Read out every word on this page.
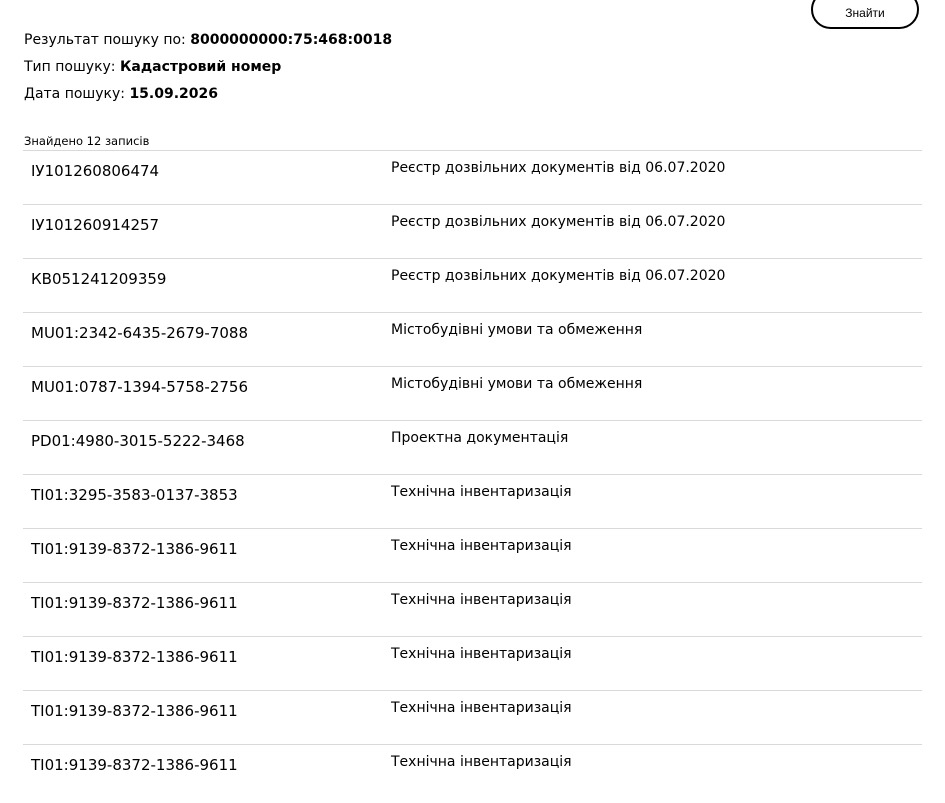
Знайти
Результат пошуку по: 8000000000:75:468:0018
Тип пошуку: Кадастровий номер
Дата пошуку: 15.09.2026
Знайдено 12 записів
ІУ101260806474	Реєстр дозвільних документів від 06.07.2020
ІУ101260914257	Реєстр дозвільних документів від 06.07.2020
КВ051241209359	Реєстр дозвільних документів від 06.07.2020
MU01:2342-6435-2679-7088	Містобудівні умови та обмеження
MU01:0787-1394-5758-2756	Містобудівні умови та обмеження
PD01:4980-3015-5222-3468	Проектна документація
TI01:3295-3583-0137-3853	Технічна інвентаризація
TI01:9139-8372-1386-9611	Технічна інвентаризація
TI01:9139-8372-1386-9611	Технічна інвентаризація
TI01:9139-8372-1386-9611	Технічна інвентаризація
TI01:9139-8372-1386-9611	Технічна інвентаризація
TI01:9139-8372-1386-9611	Технічна інвентаризація
